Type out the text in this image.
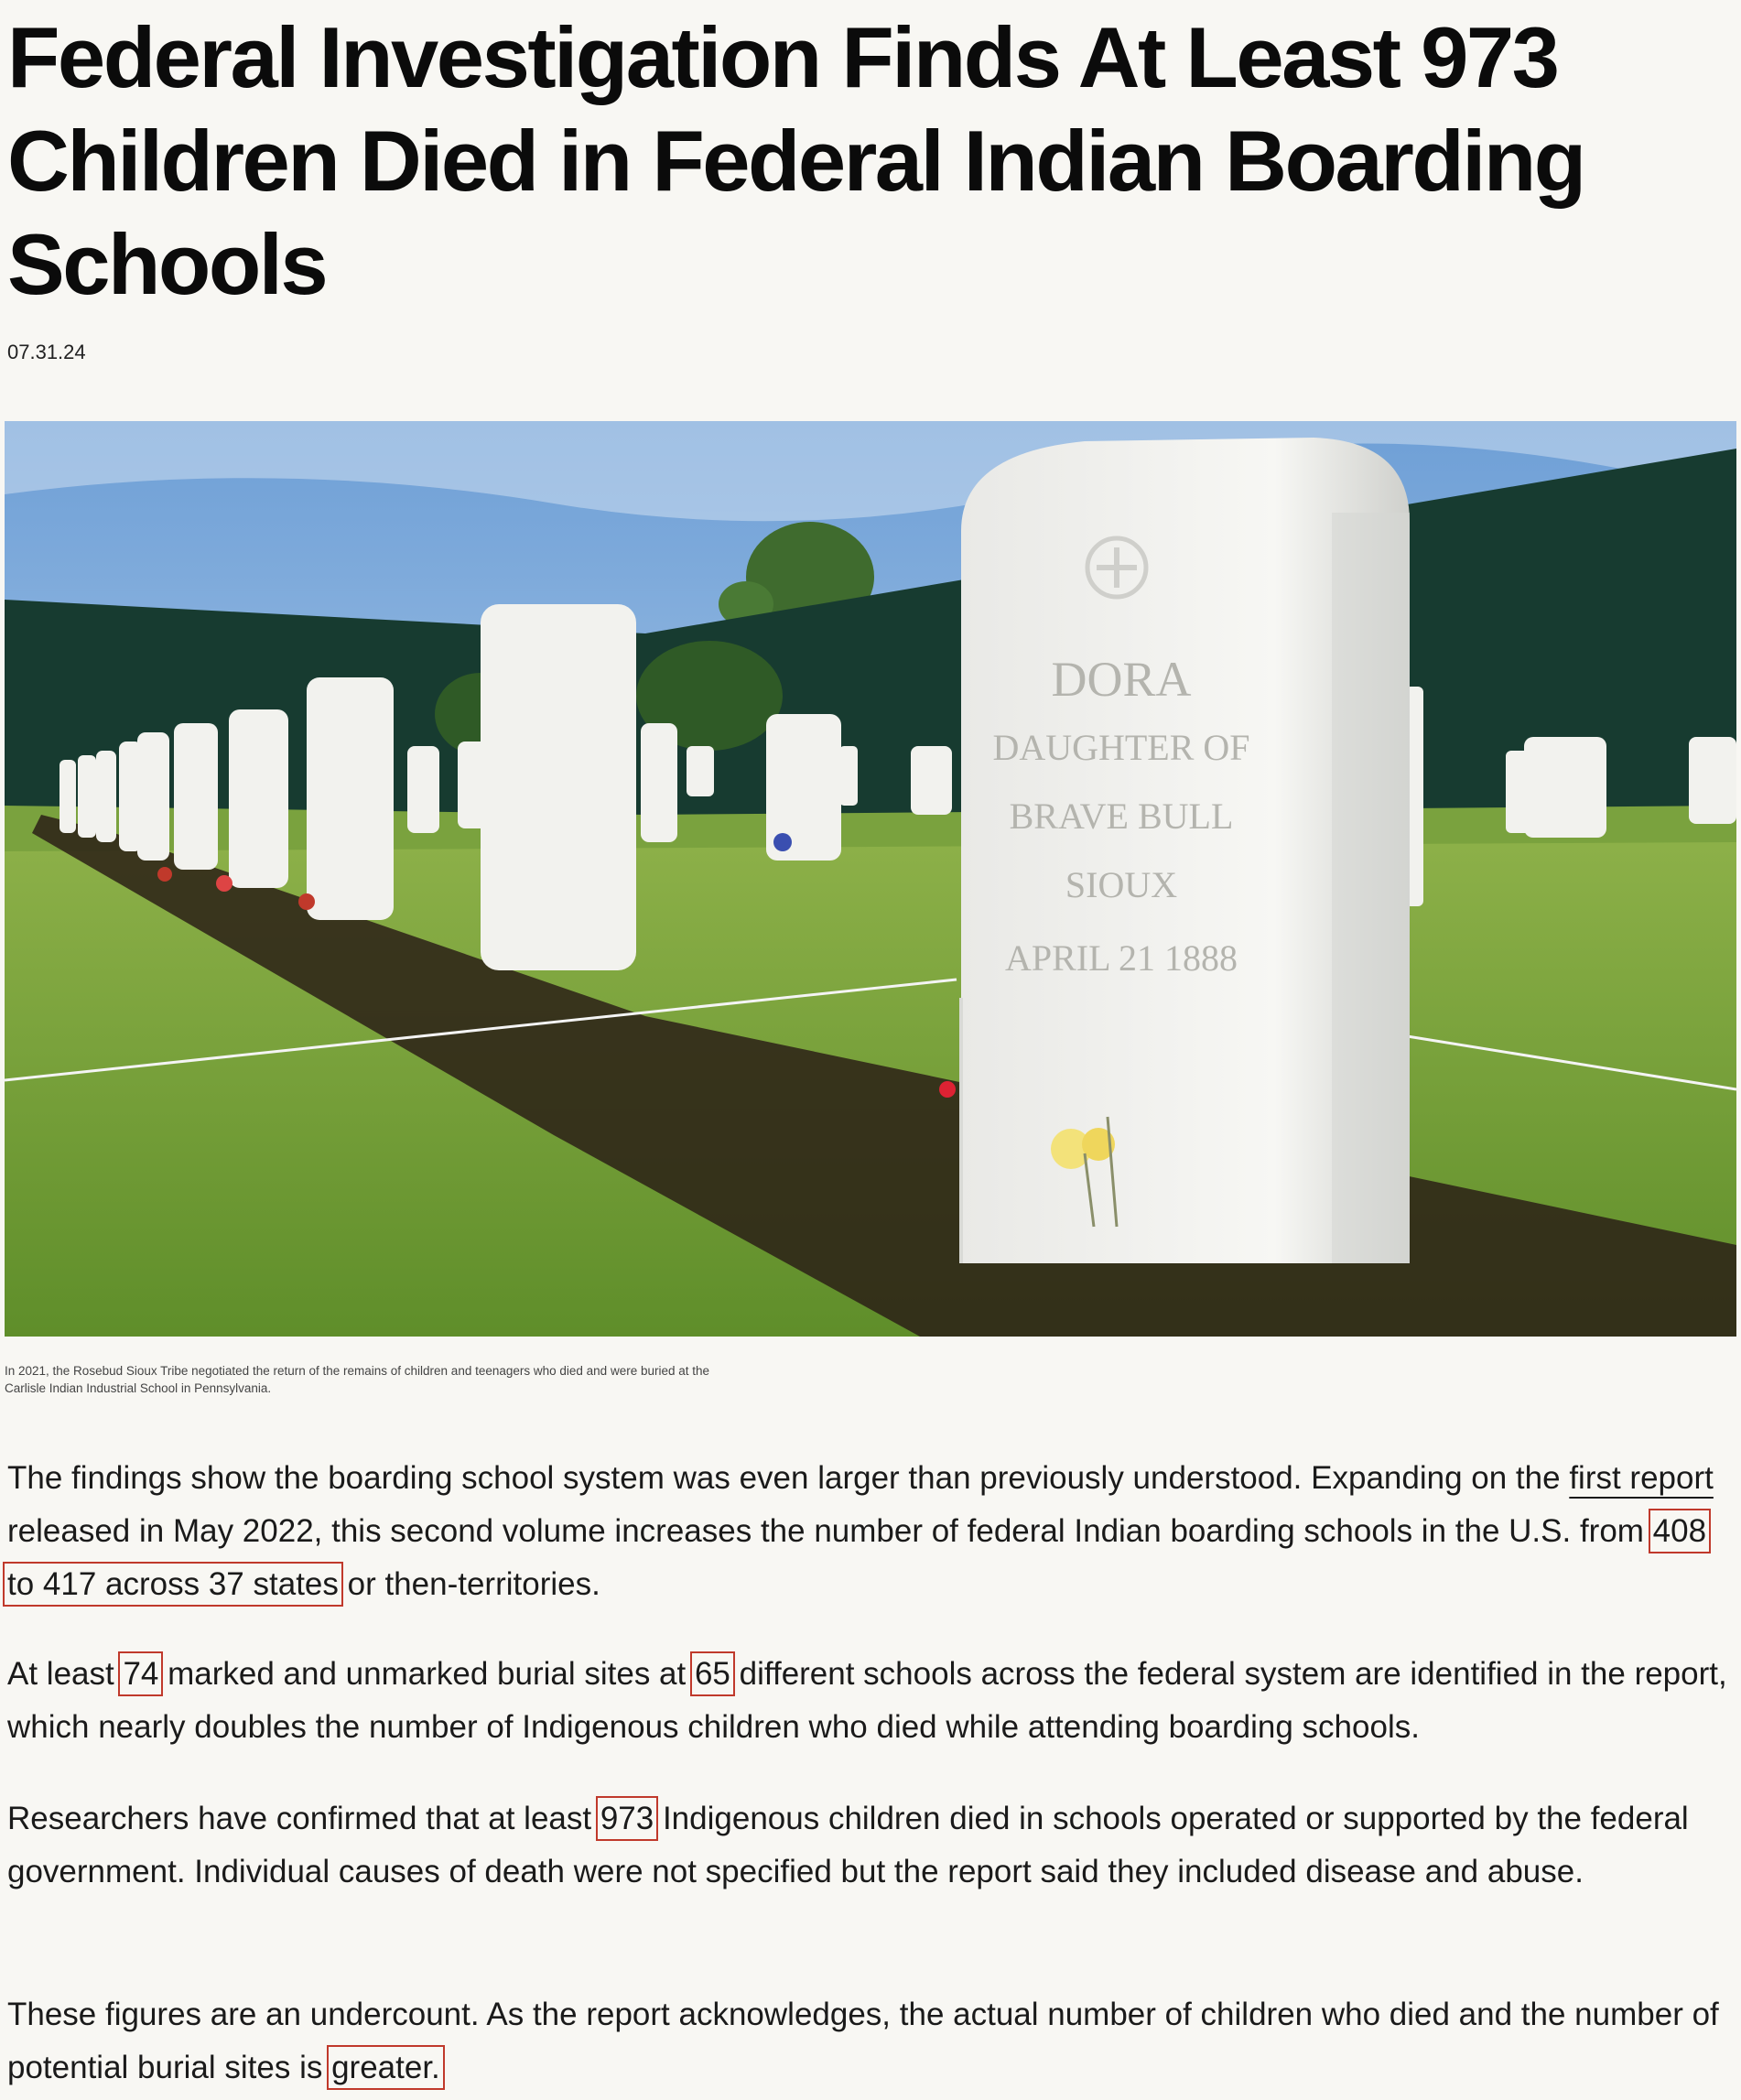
Federal Investigation Finds At Least 973 Children Died in Federal Indian Boarding Schools
07.31.24
DORA
DAUGHTER OF
BRAVE BULL
SIOUX
APRIL 21 1888
In 2021, the Rosebud Sioux Tribe negotiated the return of the remains of children and teenagers who died and were buried at the Carlisle Indian Industrial School in Pennsylvania.

The findings show the boarding school system was even larger than previously understood. Expanding on the first report released in May 2022, this second volume increases the number of federal Indian boarding schools in the U.S. from 408 to 417 across 37 states or then-territories.

At least 74 marked and unmarked burial sites at 65 different schools across the federal system are identified in the report, which nearly doubles the number of Indigenous children who died while attending boarding schools.

Researchers have confirmed that at least 973 Indigenous children died in schools operated or supported by the federal government. Individual causes of death were not specified but the report said they included disease and abuse.

These figures are an undercount. As the report acknowledges, the actual number of children who died and the number of potential burial sites is greater.
